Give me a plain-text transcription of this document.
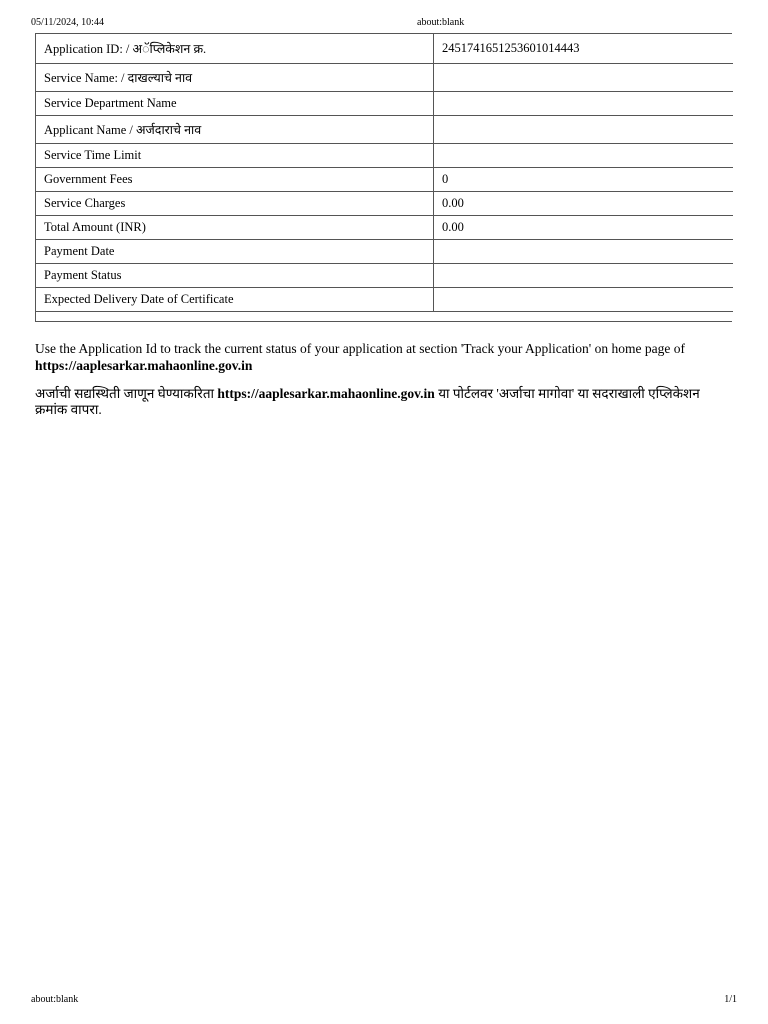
05/11/2024, 10:44	about:blank
Application ID: / अॅप्लिकेशन क्र.	2451741651253601014443
Service Name: / दाखल्याचे नाव	
Service Department Name	
Applicant Name / अर्जदाराचे नाव	
Service Time Limit	
Government Fees	0
Service Charges	0.00
Total Amount (INR)	0.00
Payment Date	
Payment Status	
Expected Delivery Date of Certificate	
Use the Application Id to track the current status of your application at section 'Track your Application' on home page of
https://aaplesarkar.mahaonline.gov.in
अर्जाची सद्यस्थिती जाणून घेण्याकरिता https://aaplesarkar.mahaonline.gov.in या पोर्टलवर 'अर्जाचा मागोवा' या सदराखाली एप्लिकेशन क्रमांक वापरा.
about:blank	1/1
